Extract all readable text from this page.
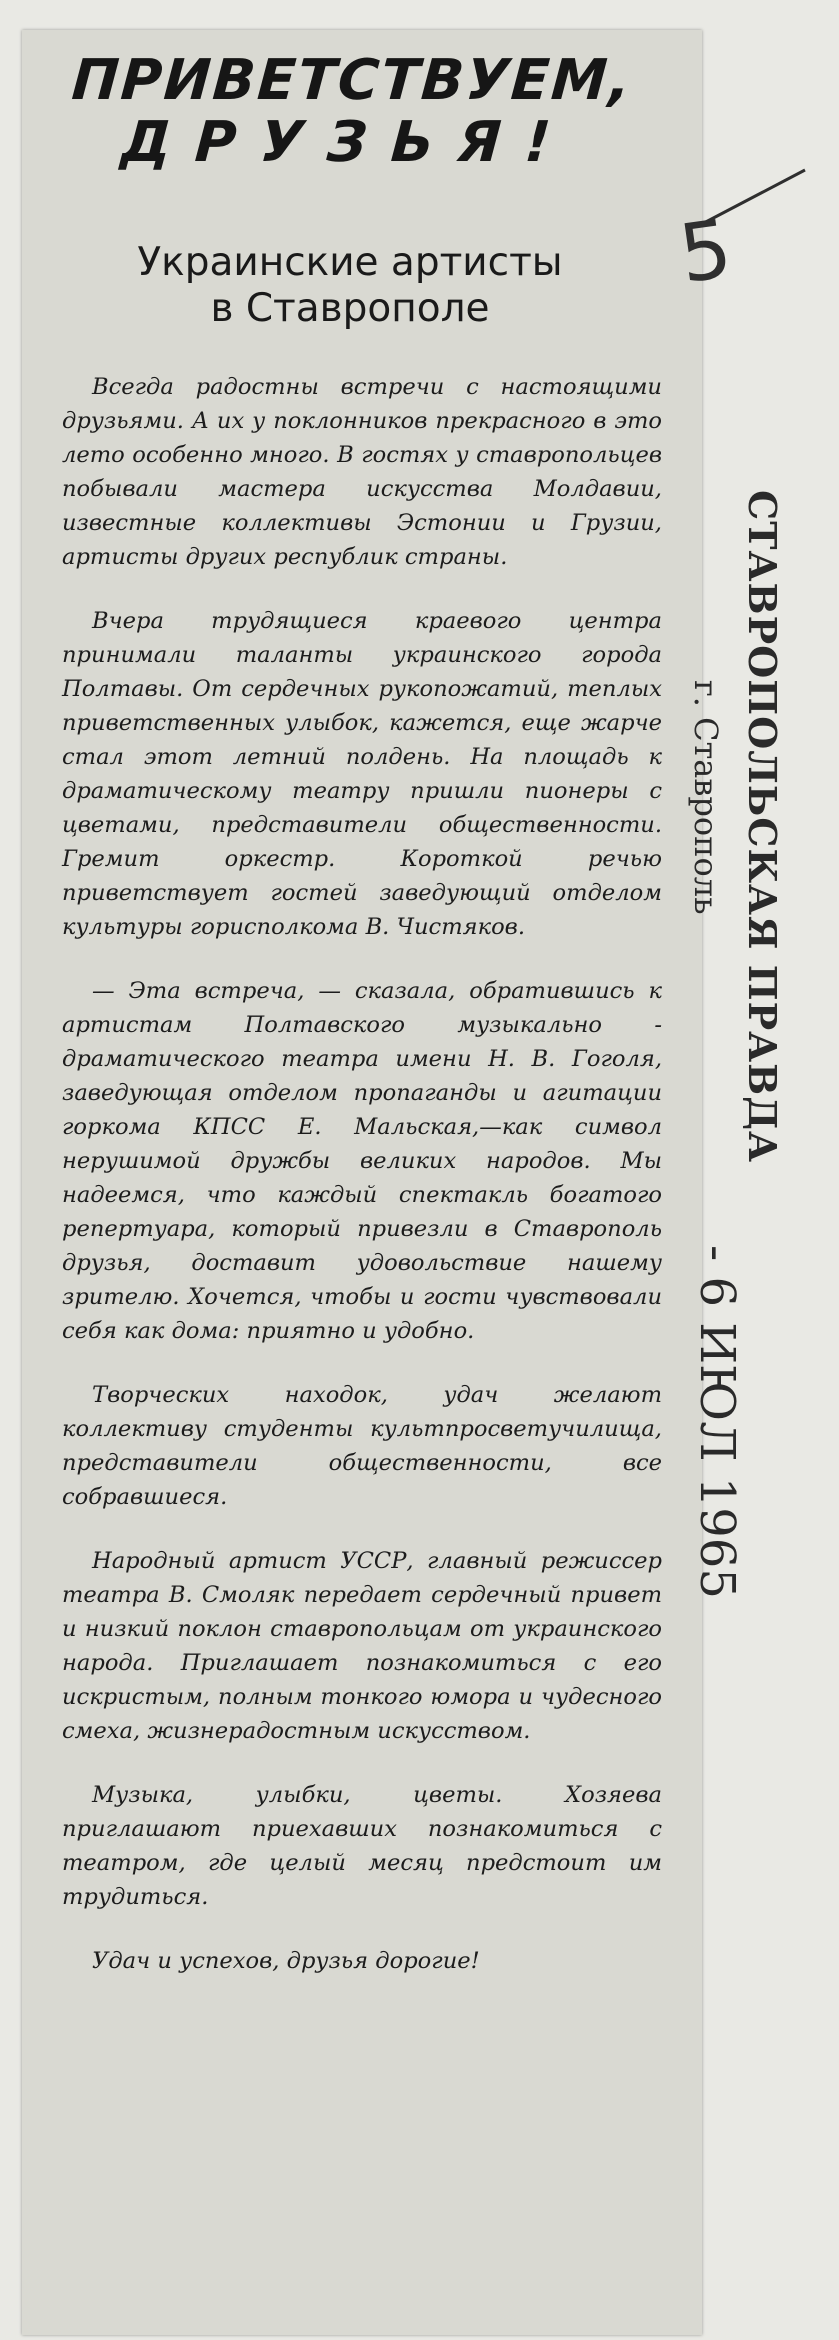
ПРИВЕТСТВУЕМ,
ДРУЗЬЯ!
Украинские артисты
в Ставрополе

Всегда радостны встречи с настоящими друзьями. А их у поклонников прекрасного в это лето особенно много. В гостях у ставропольцев побывали мастера искусства Молдавии, известные коллективы Эстонии и Грузии, артисты других республик страны.

Вчера трудящиеся краевого центра принимали таланты украинского города Полтавы. От сердечных рукопожатий, теплых приветственных улыбок, кажется, еще жарче стал этот летний полдень. На площадь к драматическому театру пришли пионеры с цветами, представители общественности. Гремит оркестр. Короткой речью приветствует гостей заведующий отделом культуры горисполкома В. Чистяков.

— Эта встреча, — сказала, обратившись к артистам Полтавского музыкально - драматического театра имени Н. В. Гоголя, заведующая отделом пропаганды и агитации горкома КПСС Е. Мальская,—как символ нерушимой дружбы великих народов. Мы надеемся, что каждый спектакль богатого репертуара, который привезли в Ставрополь друзья, доставит удовольствие нашему зрителю. Хочется, чтобы и гости чувствовали себя как дома: приятно и удобно.

Творческих находок, удач желают коллективу студенты культпросветучилища, представители общественности, все собравшиеся.

Народный артист УССР, главный режиссер театра В. Смоляк передает сердечный привет и низкий поклон ставропольцам от украинского народа. Приглашает познакомиться с его искристым, полным тонкого юмора и чудесного смеха, жизнерадостным искусством.

Музыка, улыбки, цветы. Хозяева приглашают приехавших познакомиться с театром, где целый месяц предстоит им трудиться.

Удач и успехов, друзья дорогие!

5
СТАВРОПОЛЬСКАЯ ПРАВДА
г. Ставрополь
- 6 ИЮЛ 1965
